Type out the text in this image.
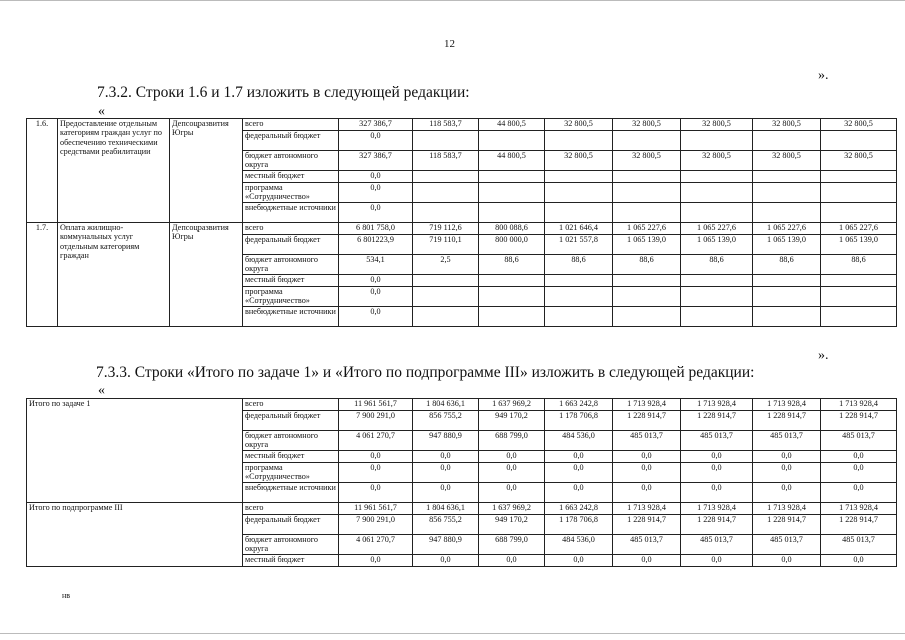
12
».
7.3.2. Строки 1.6 и 1.7 изложить в следующей редакции:
«
1.6.	Предоставление отдельным категориям граждан услуг по обеспечению техническими средствами реабилитации	Депсоцразвития Югры	всего	327 386,7	118 583,7	44 800,5	32 800,5	32 800,5	32 800,5	32 800,5	32 800,5
			федеральный бюджет	0,0							
			бюджет автономного округа	327 386,7	118 583,7	44 800,5	32 800,5	32 800,5	32 800,5	32 800,5	32 800,5
			местный бюджет	0,0							
			программа «Сотрудничество»	0,0							
			внебюджетные источники	0,0							
1.7.	Оплата жилищно-коммунальных услуг отдельным категориям граждан	Депсоцразвития Югры	всего	6 801 758,0	719 112,6	800 088,6	1 021 646,4	1 065 227,6	1 065 227,6	1 065 227,6	1 065 227,6
			федеральный бюджет	6 801223,9	719 110,1	800 000,0	1 021 557,8	1 065 139,0	1 065 139,0	1 065 139,0	1 065 139,0
			бюджет автономного округа	534,1	2,5	88,6	88,6	88,6	88,6	88,6	88,6
			местный бюджет	0,0							
			программа «Сотрудничество»	0,0							
			внебюджетные источники	0,0							
».
7.3.3. Строки «Итого по задаче 1» и «Итого по подпрограмме III» изложить в следующей редакции:
«
Итого по задаче 1	всего	11 961 561,7	1 804 636,1	1 637 969,2	1 663 242,8	1 713 928,4	1 713 928,4	1 713 928,4	1 713 928,4
	федеральный бюджет	7 900 291,0	856 755,2	949 170,2	1 178 706,8	1 228 914,7	1 228 914,7	1 228 914,7	1 228 914,7
	бюджет автономного округа	4 061 270,7	947 880,9	688 799,0	484 536,0	485 013,7	485 013,7	485 013,7	485 013,7
	местный бюджет	0,0	0,0	0,0	0,0	0,0	0,0	0,0	0,0
	программа «Сотрудничество»	0,0	0,0	0,0	0,0	0,0	0,0	0,0	0,0
	внебюджетные источники	0,0	0,0	0,0	0,0	0,0	0,0	0,0	0,0
Итого по подпрограмме III	всего	11 961 561,7	1 804 636,1	1 637 969,2	1 663 242,8	1 713 928,4	1 713 928,4	1 713 928,4	1 713 928,4
	федеральный бюджет	7 900 291,0	856 755,2	949 170,2	1 178 706,8	1 228 914,7	1 228 914,7	1 228 914,7	1 228 914,7
	бюджет автономного округа	4 061 270,7	947 880,9	688 799,0	484 536,0	485 013,7	485 013,7	485 013,7	485 013,7
	местный бюджет	0,0	0,0	0,0	0,0	0,0	0,0	0,0	0,0
нв
